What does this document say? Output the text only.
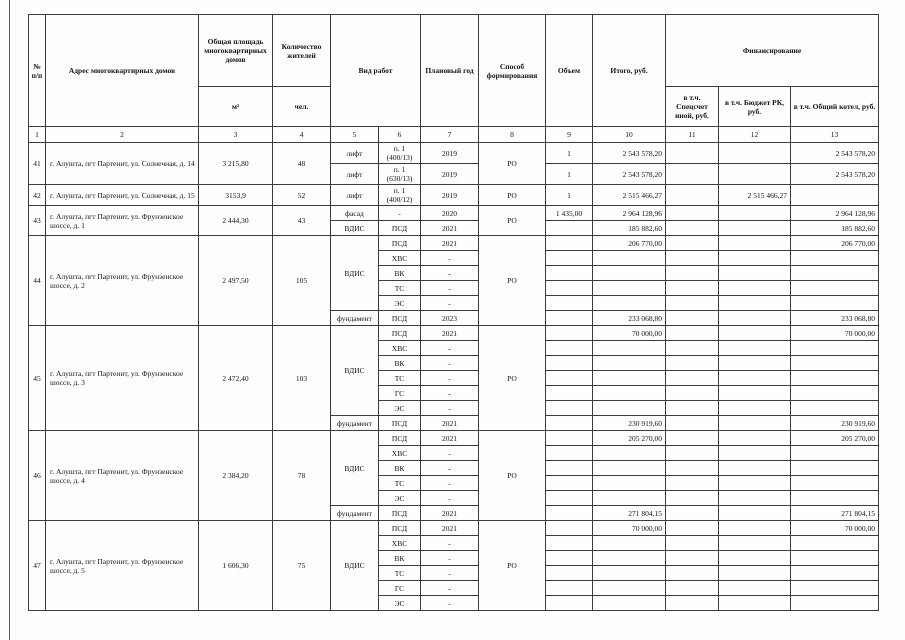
№ п/п	Адрес многоквартирных домов	Общая площадь многоквартирных домов	Количество жителей	Вид работ		Плановый год	Способ формирования	Объем	Итого, руб.	Финансирование		
		м²	чел.							в т.ч. Спецсчет иной, руб.	в т.ч. Бюджет РК, руб.	в т.ч. Общий котел, руб.
1	2	3	4	5	6	7	8	9	10	11	12	13
41	г. Алушта, пгт Партенит, ул. Солнечная, д. 14	3 215,80	48	лифт	п. 1 (400/13)	2019	РО	1	2 543 578,20			2 543 578,20
				лифт	п. 1 (630/13)	2019		1	2 543 578,20			2 543 578,20
42	г. Алушта, пгт Партенит, ул. Солнечная, д. 15	3153,9	52	лифт	п. 1 (400/12)	2019	РО	1	2 515 466,27		2 515 466,27	
43	г. Алушта, пгт Партенит, ул. Фрунзенское шоссе, д. 1	2 444,30	43	фасад	-	2020	РО	1 435,00	2 964 128,96			2 964 128,96
				ВДИС	ПСД	2021			185 882,60			185 882,60
44	г. Алушта, пгт Партенит, ул. Фрунзенское шоссе, д. 2	2 497,50	105	ВДИС	ПСД	2021	РО		206 770,00			206 770,00
					ХВС	-						
					ВК	-						
					ТС	-						
					ЭС	-						
				фундамент	ПСД	2023			233 068,80			233 068,80
45	г. Алушта, пгт Партенит, ул. Фрунзенское шоссе, д. 3	2 472,40	103	ВДИС	ПСД	2021	РО		70 000,00			70 000,00
					ХВС	-						
					ВК	-						
					ТС	-						
					ГС	-						
					ЭС	-						
				фундамент	ПСД	2021			230 919,60			230 919,60
46	г. Алушта, пгт Партенит, ул. Фрунзенское шоссе, д. 4	2 384,20	78	ВДИС	ПСД	2021	РО		205 270,00			205 270,00
					ХВС	-						
					ВК	-						
					ТС	-						
					ЭС	-						
				фундамент	ПСД	2021			271 804,15			271 804,15
47	г. Алушта, пгт Партенит, ул. Фрунзенское шоссе, д. 5	1 606,30	75	ВДИС	ПСД	2021	РО		70 000,00			70 000,00
					ХВС	-						
					ВК	-						
					ТС	-						
					ГС	-						
					ЭС	-						
